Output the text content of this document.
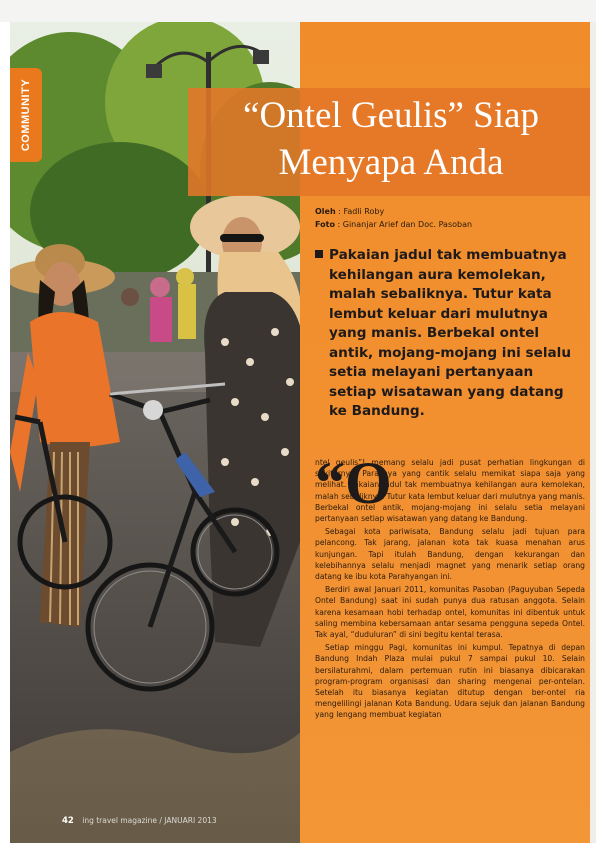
COMMUNITY	“Ontel Geulis” Siap Menyapa Anda
Oleh : Fadli Roby
Foto : Ginanjar Arief dan Doc. Pasoban
Pakaian jadul tak membuatnya kehilangan aura kemolekan, malah sebaliknya. Tutur kata lembut keluar dari mulutnya yang manis. Berbekal ontel antik, mojang-mojang ini selalu setia melayani pertanyaan setiap wisatawan yang datang ke Bandung.
“O

ntel geulis”! memang selalu jadi pusat perhatian lingkungan di sekitarnya. Parasnya yang cantik selalu memikat siapa saja yang melihat. Pakaian jadul tak membuatnya kehilangan aura kemolekan, malah sebaliknya. Tutur kata lembut keluar dari mulutnya yang manis. Berbekal ontel antik, mojang-mojang ini selalu setia melayani pertanyaan setiap wisatawan yang datang ke Bandung.

Sebagai kota pariwisata, Bandung selalu jadi tujuan para pelancong. Tak jarang, jalanan kota tak kuasa menahan arus kunjungan. Tapi itulah Bandung, dengan kekurangan dan kelebihannya selalu menjadi magnet yang menarik setiap orang datang ke ibu kota Parahyangan ini.

Berdiri awal Januari 2011, komunitas Pasoban (Paguyuban Sepeda Ontel Bandung) saat ini sudah punya dua ratusan anggota. Selain karena kesamaan hobi terhadap ontel, komunitas ini dibentuk untuk saling membina kebersamaan antar sesama pengguna sepeda Ontel. Tak ayal, “duduluran” di sini begitu kental terasa.

Setiap minggu Pagi, komunitas ini kumpul. Tepatnya di depan Bandung Indah Plaza mulai pukul 7 sampai pukul 10. Selain bersilaturahmi, dalam pertemuan rutin ini biasanya dibicarakan program-program organisasi dan sharing mengenai per-ontelan. Setelah itu biasanya kegiatan ditutup dengan ber-ontel ria mengelilingi jalanan Kota Bandung. Udara sejuk dan jalanan Bandung yang lengang membuat kegiatan

42 ing travel magazine / JANUARI 2013
